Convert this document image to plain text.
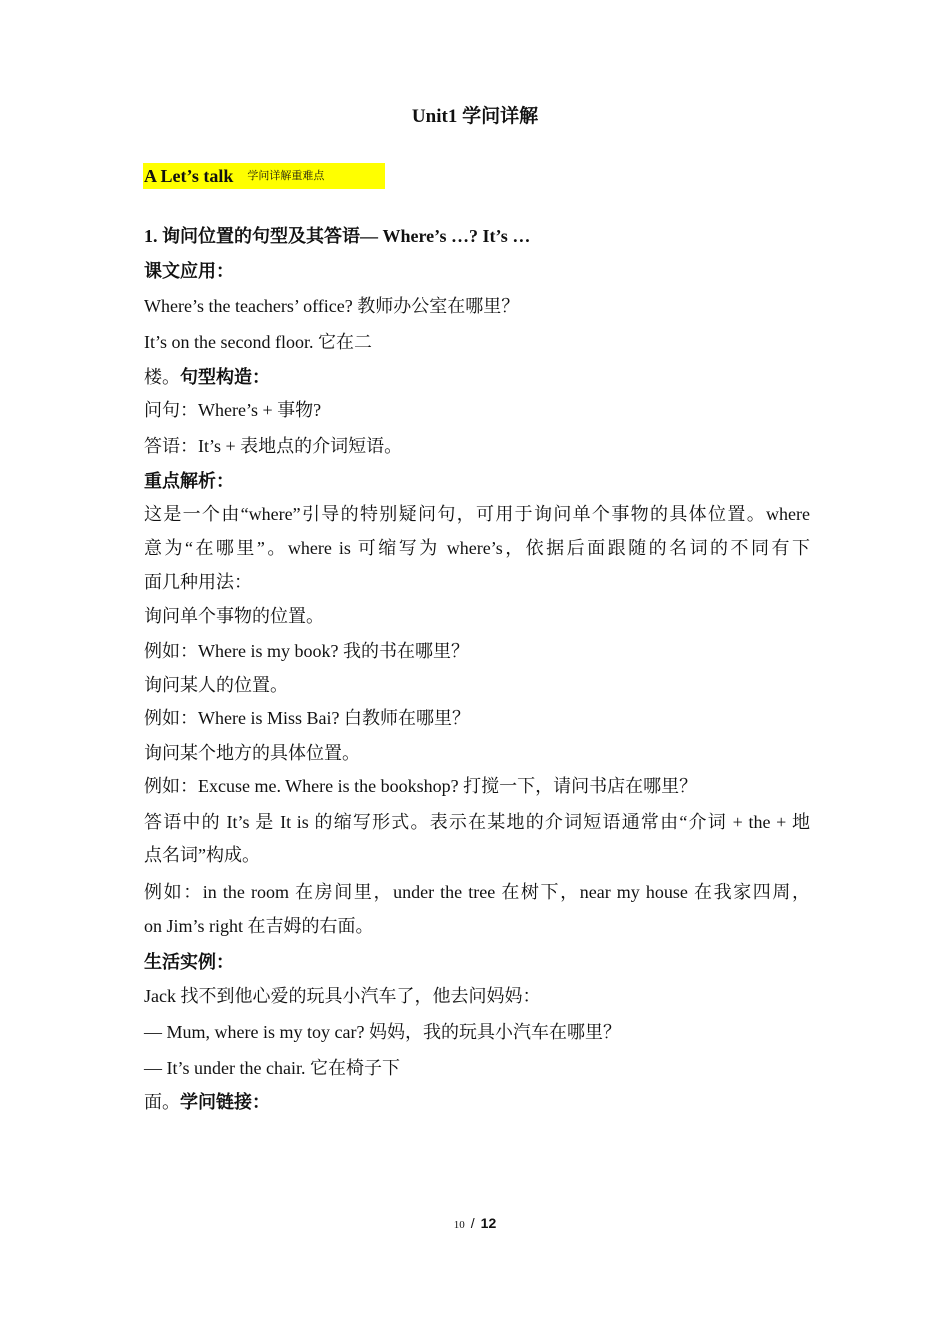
Unit1 学问详解
A Let’s talk 学问详解重难点
1. 询问位置的句型及其答语— Where’s …? It’s …
课文应用：
Where’s the teachers’ office? 教师办公室在哪里？
It’s on the second floor. 它在二
楼。句型构造：
问句：Where’s + 事物?
答语：It’s + 表地点的介词短语。
重点解析：
这是一个由“where”引导的特别疑问句，可用于询问单个事物的具体位置。where
意为“在哪里”。where is 可缩写为 where’s，依据后面跟随的名词的不同有下
面几种用法：
询问单个事物的位置。
例如：Where is my book? 我的书在哪里？
询问某人的位置。
例如：Where is Miss Bai? 白教师在哪里？
询问某个地方的具体位置。
例如：Excuse me. Where is the bookshop? 打搅一下，请问书店在哪里？
答语中的 It’s 是 It is 的缩写形式。表示在某地的介词短语通常由“介词 + the + 地
点名词”构成。
例如：in the room 在房间里，under the tree 在树下，near my house 在我家四周，
on Jim’s right 在吉姆的右面。
生活实例：
Jack 找不到他心爱的玩具小汽车了，他去问妈妈：
— Mum, where is my toy car? 妈妈，我的玩具小汽车在哪里？
— It’s under the chair. 它在椅子下
面。学问链接：
10 / 12
